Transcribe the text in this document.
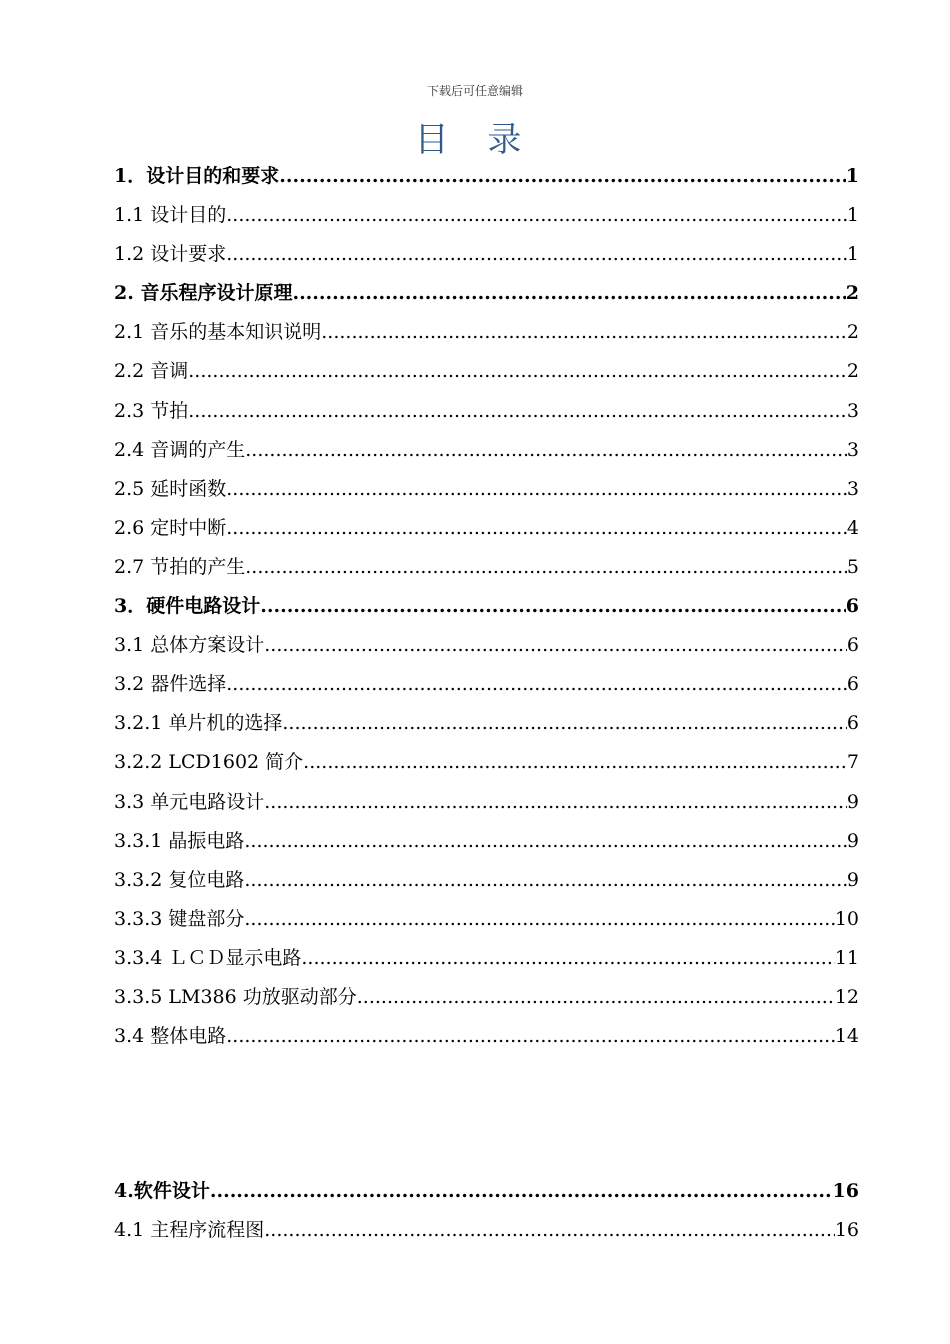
下载后可任意编辑
目 录
1．设计目的和要求 .....	1
1.1 设计目的 .....	1
1.2 设计要求 .....	1
2. 音乐程序设计原理 .....	2
2.1 音乐的基本知识说明 .....	2
2.2 音调 .....	2
2.3 节拍 .....	3
2.4 音调的产生 .....	3
2.5 延时函数 .....	3
2.6 定时中断 .....	4
2.7 节拍的产生 .....	5
3．硬件电路设计 .....	6
3.1 总体方案设计 .....	6
3.2 器件选择 .....	6
3.2.1 单片机的选择 .....	6
3.2.2 LCD1602 简介 .....	7
3.3 单元电路设计 .....	9
3.3.1 晶振电路 .....	9
3.3.2 复位电路 .....	9
3.3.3 键盘部分 .....	10
3.3.4 ＬＣＤ显示电路 .....	11
3.3.5 LM386 功放驱动部分 .....	12
3.4 整体电路 .....	14
4.软件设计 .....	16
4.1 主程序流程图 .....	16
